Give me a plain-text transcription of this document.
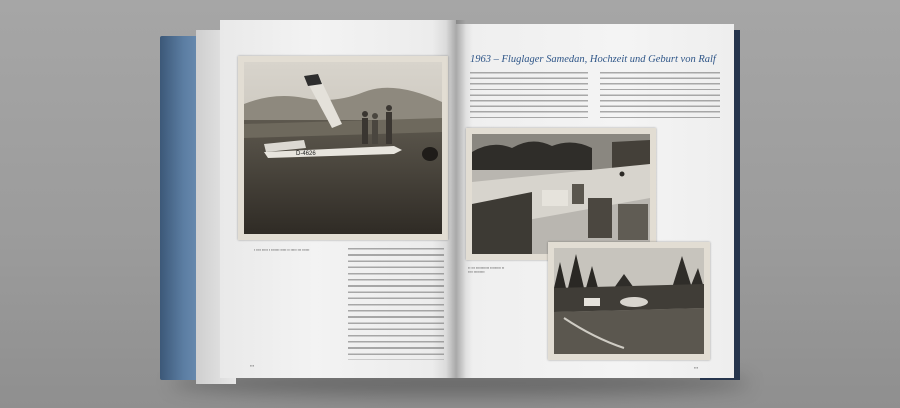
D-4626
▪ ▪▪▪▪ ▪▪▪▪▪ ▪ ▪▪▪▪▪▪▪ ▪▪▪▪▪ ▪▪ ▪▪▪▪▪ ▪▪▪ ▪▪▪▪▪▪
▪▪▪
1963 – Fluglager Samedan, Hochzeit und Geburt von Ralf
▪▪ ▪▪▪ ▪▪▪▪▪▪▪▪▪▪▪ ▪▪▪▪▪▪▪▪▪ ▪▪ ▪▪▪▪ ▪▪▪▪▪▪▪▪▪
▪▪▪
